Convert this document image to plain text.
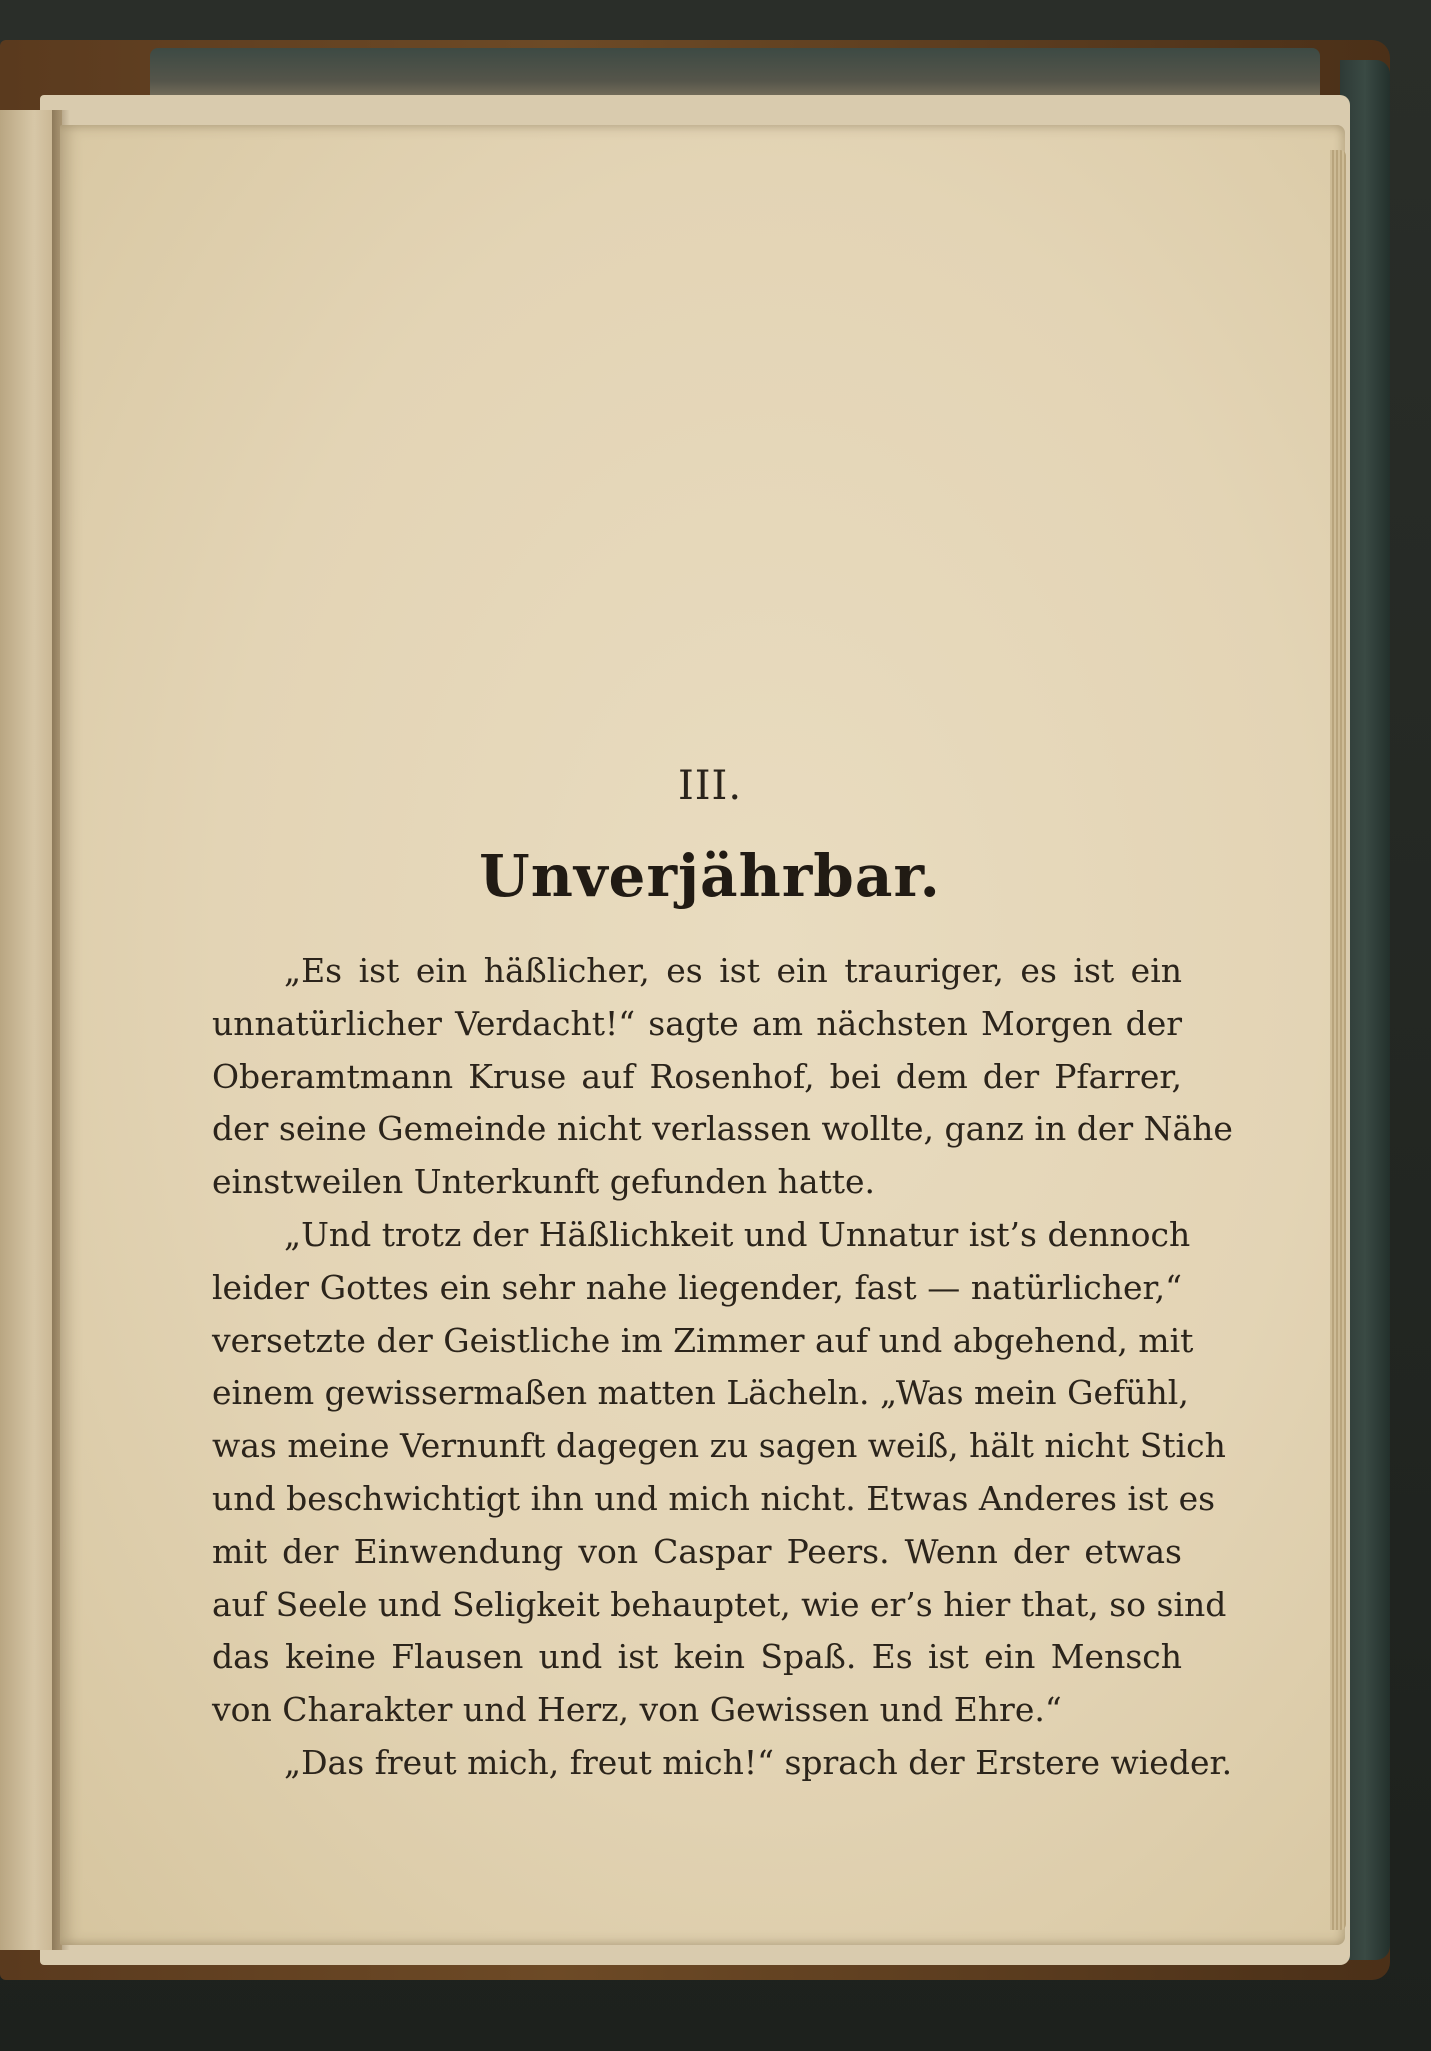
III.
Unverjährbar.
„Es ist ein häßlicher, es ist ein trauriger, es ist ein
unnatürlicher Verdacht!“ sagte am nächsten Morgen der
Oberamtmann Kruse auf Rosenhof, bei dem der Pfarrer,
der seine Gemeinde nicht verlassen wollte, ganz in der Nähe
einstweilen Unterkunft gefunden hatte.
„Und trotz der Häßlichkeit und Unnatur ist’s dennoch
leider Gottes ein sehr nahe liegender, fast — natürlicher,“
versetzte der Geistliche im Zimmer auf und abgehend, mit
einem gewissermaßen matten Lächeln. „Was mein Gefühl,
was meine Vernunft dagegen zu sagen weiß, hält nicht Stich
und beschwichtigt ihn und mich nicht. Etwas Anderes ist es
mit der Einwendung von Caspar Peers. Wenn der etwas
auf Seele und Seligkeit behauptet, wie er’s hier that, so sind
das keine Flausen und ist kein Spaß. Es ist ein Mensch
von Charakter und Herz, von Gewissen und Ehre.“
„Das freut mich, freut mich!“ sprach der Erstere wieder.
